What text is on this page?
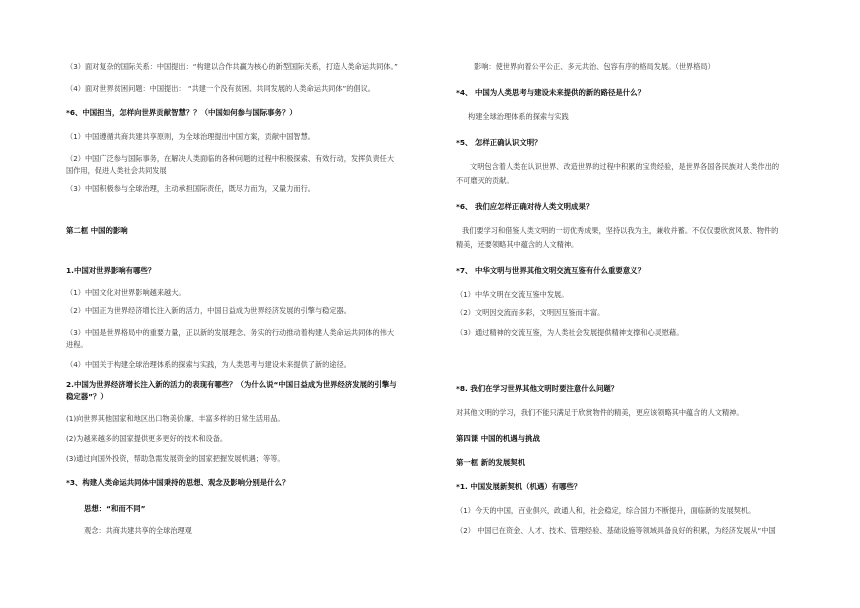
（3）面对复杂的国际关系：中国提出：“构建以合作共赢为核心的新型国际关系，打造人类命运共同体。”
（4）面对世界贫困问题：中国提出： “共建一个没有贫困、共同发展的人类命运共同体”的倡议。
*6、中国担当，怎样向世界贡献智慧？？（中国如何参与国际事务？）
（1）中国遵循共商共建共享原则，为全球治理提出中国方案，贡献中国智慧。
（2）中国广泛参与国际事务，在解决人类面临的各种问题的过程中积极探索、有效行动，发挥负责任大
国作用，促进人类社会共同发展
（3）中国积极参与全球治理，主动承担国际责任，既尽力而为，又量力而行。
第二框 中国的影响
1.中国对世界影响有哪些？
（1）中国文化对世界影响越来越大。
（2）中国正为世界经济增长注入新的活力，中国日益成为世界经济发展的引擎与稳定器。
（3）中国是世界格局中的重要力量，正以新的发展理念、务实的行动推动着构建人类命运共同体的伟大
进程。
（4）中国关于构建全球治理体系的探索与实践，为人类思考与建设未来提供了新的途径。
2.中国为世界经济增长注入新的活力的表现有哪些？（为什么说“中国日益成为世界经济发展的引擎与
稳定器”？）
(1)向世界其他国家和地区出口物美价廉、丰富多样的日常生活用品。
(2)为越来越多的国家提供更多更好的技术和设备。
(3)通过向国外投资，帮助急需发展资金的国家把握发展机遇；等等。
*3、构建人类命运共同体中国秉持的思想、观念及影响分别是什么？
思想：“和而不同”
观念：共商共建共享的全球治理观
影响：使世界向着公平公正、多元共治、包容有序的格局发展。（世界格局）
*4、 中国为人类思考与建设未来提供的新的路径是什么？
构建全球治理体系的探索与实践
*5、 怎样正确认识文明？
文明包含着人类在认识世界、改造世界的过程中积累的宝贵经验，是世界各国各民族对人类作出的
不可磨灭的贡献。
*6、 我们应怎样正确对待人类文明成果？
我们要学习和借鉴人类文明的一切优秀成果，坚持以我为主，兼收并蓄。不仅仅要欣赏风景、物件的
精美，还要领略其中蕴含的人文精神。
*7、 中华文明与世界其他文明交流互鉴有什么重要意义？
（1）中华文明在交流互鉴中发展。
（2）文明因交流而多彩，文明因互鉴而丰富。
（3）通过精神的交流互鉴，为人类社会发展提供精神支撑和心灵慰藉。
*8. 我们在学习世界其他文明时要注意什么问题？
对其他文明的学习，我们不能只满足于欣赏物件的精美，更应该领略其中蕴含的人文精神。
第四课 中国的机遇与挑战
第一框 新的发展契机
*1. 中国发展新契机（机遇）有哪些？
（1）今天的中国，百业俱兴，政通人和，社会稳定，综合国力不断提升，面临新的发展契机。
（2） 中国已在资金、人才、技术、管理经验、基础设施等领域具备良好的积累，为经济发展从“中国
